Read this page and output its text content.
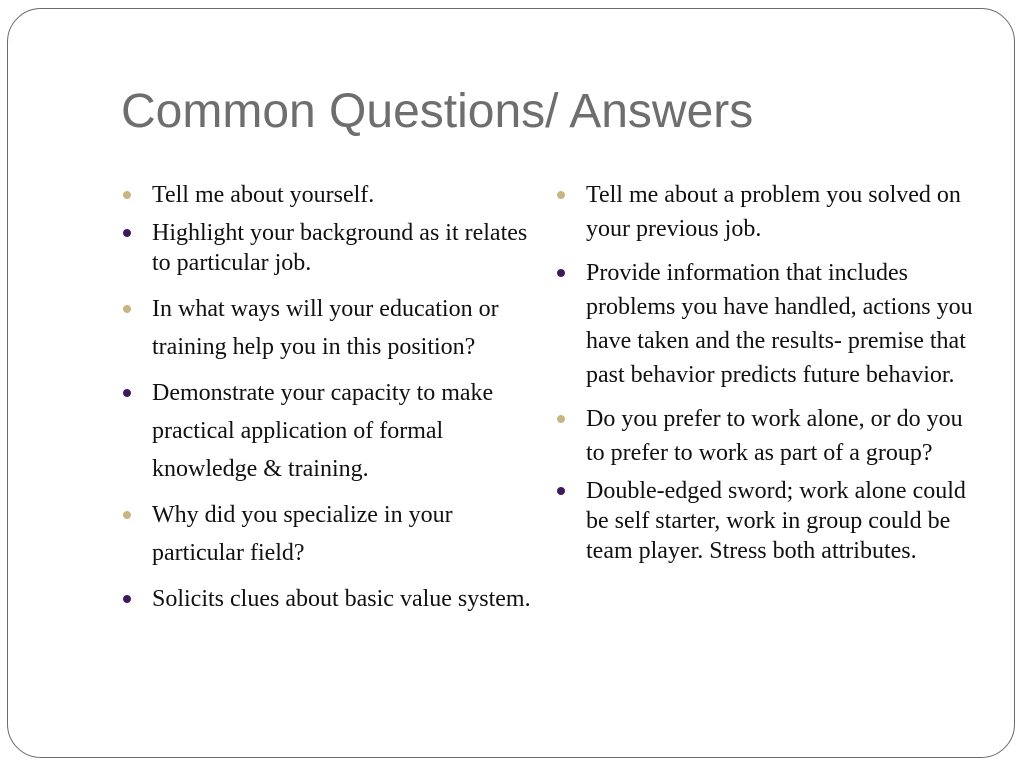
Common Questions/ Answers
Tell me about yourself.
Highlight your background as it relates to particular job.
In what ways will your education or training help you in this position?
Demonstrate your capacity to make practical application of formal knowledge & training.
Why did you specialize in your particular field?
Solicits clues about basic value system.
Tell me about a problem you solved on your previous job.
Provide information that includes problems you have handled, actions you have taken and the results- premise that past behavior predicts future behavior.
Do you prefer to work alone, or do you to prefer to work as part of a group?
Double-edged sword; work alone could be self starter, work in group could be team player. Stress both attributes.
